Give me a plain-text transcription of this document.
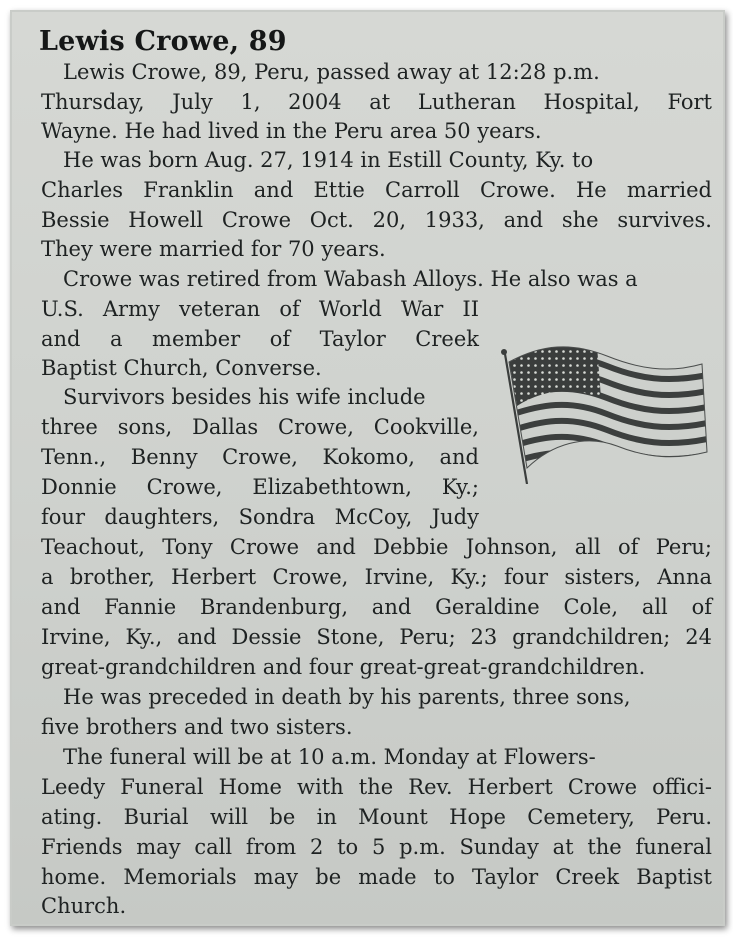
Lewis Crowe, 89
Lewis Crowe, 89, Peru, passed away at 12:28 p.m.
Thursday, July 1, 2004 at Lutheran Hospital, Fort
Wayne. He had lived in the Peru area 50 years.
He was born Aug. 27, 1914 in Estill County, Ky. to
Charles Franklin and Ettie Carroll Crowe. He married
Bessie Howell Crowe Oct. 20, 1933, and she survives.
They were married for 70 years.
Crowe was retired from Wabash Alloys. He also was a
U.S. Army veteran of World War II
and a member of Taylor Creek
Baptist Church, Converse.
Survivors besides his wife include
three sons, Dallas Crowe, Cookville,
Tenn., Benny Crowe, Kokomo, and
Donnie Crowe, Elizabethtown, Ky.;
four daughters, Sondra McCoy, Judy
Teachout, Tony Crowe and Debbie Johnson, all of Peru;
a brother, Herbert Crowe, Irvine, Ky.; four sisters, Anna
and Fannie Brandenburg, and Geraldine Cole, all of
Irvine, Ky., and Dessie Stone, Peru; 23 grandchildren; 24
great-grandchildren and four great-great-grandchildren.
He was preceded in death by his parents, three sons,
five brothers and two sisters.
The funeral will be at 10 a.m. Monday at Flowers-
Leedy Funeral Home with the Rev. Herbert Crowe offici-
ating. Burial will be in Mount Hope Cemetery, Peru.
Friends may call from 2 to 5 p.m. Sunday at the funeral
home. Memorials may be made to Taylor Creek Baptist
Church.
